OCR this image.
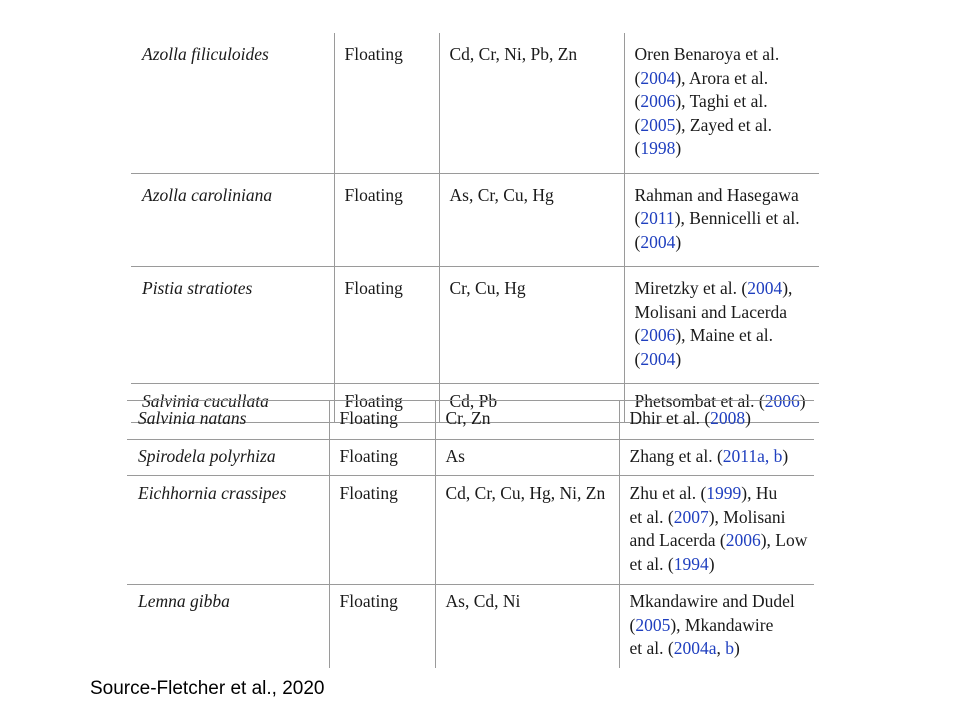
Azolla filiculoides	Floating	Cd, Cr, Ni, Pb, Zn	Oren Benaroya et al.
(2004), Arora et al.
(2006), Taghi et al.
(2005), Zayed et al.
(1998)

Azolla caroliniana	Floating	As, Cr, Cu, Hg	Rahman and Hasegawa
(2011), Bennicelli et al.
(2004)

Pistia stratiotes	Floating	Cr, Cu, Hg	Miretzky et al. (2004),
Molisani and Lacerda
(2006), Maine et al.
(2004)

Salvinia cucullata	Floating	Cd, Pb	Phetsombat et al. (2006)
Salvinia natans	Floating	Cr, Zn	Dhir et al. (2008)

Spirodela polyrhiza	Floating	As	Zhang et al. (2011a, b)

Eichhornia crassipes	Floating	Cd, Cr, Cu, Hg, Ni, Zn	Zhu et al. (1999), Hu
et al. (2007), Molisani
and Lacerda (2006), Low
et al. (1994)

Lemna gibba	Floating	As, Cd, Ni	Mkandawire and Dudel
(2005), Mkandawire
et al. (2004a, b)
Source-Fletcher et al., 2020
